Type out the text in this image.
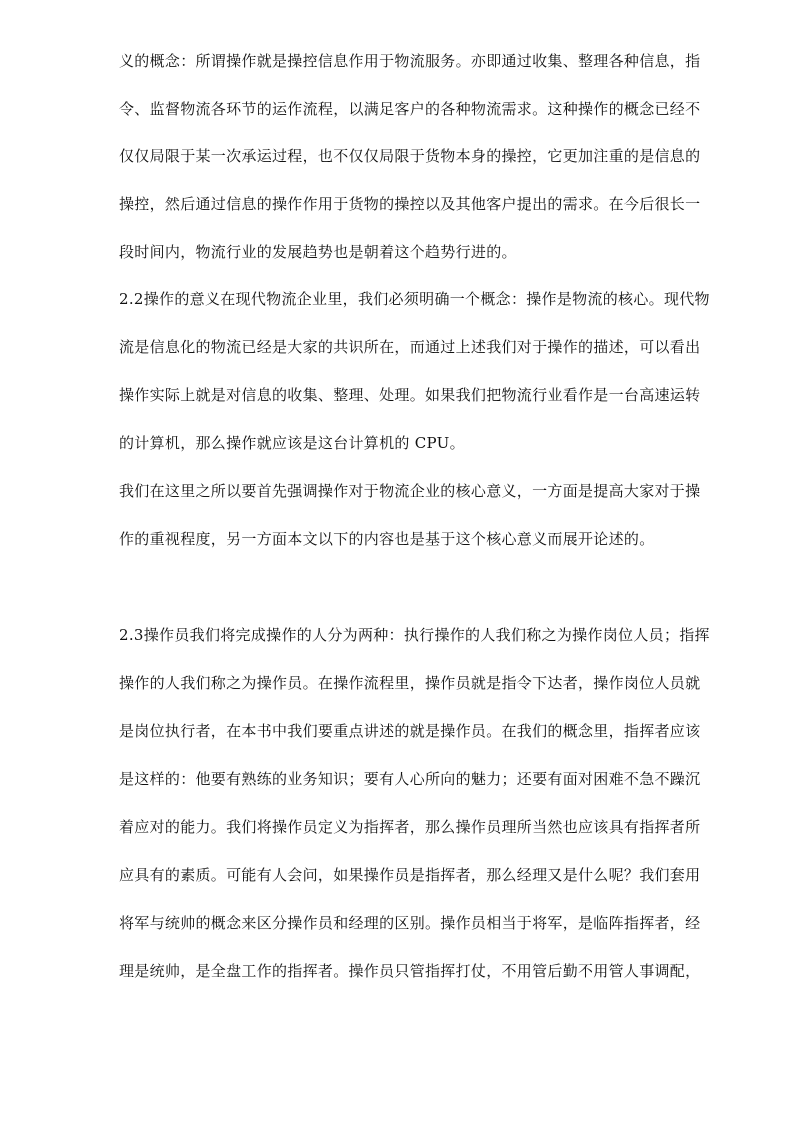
义的概念：所谓操作就是操控信息作用于物流服务。亦即通过收集、整理各种信息，指
令、监督物流各环节的运作流程，以满足客户的各种物流需求。这种操作的概念已经不
仅仅局限于某一次承运过程，也不仅仅局限于货物本身的操控，它更加注重的是信息的
操控，然后通过信息的操作作用于货物的操控以及其他客户提出的需求。在今后很长一
段时间内，物流行业的发展趋势也是朝着这个趋势行进的。
2.2操作的意义在现代物流企业里，我们必须明确一个概念：操作是物流的核心。现代物
流是信息化的物流已经是大家的共识所在，而通过上述我们对于操作的描述，可以看出
操作实际上就是对信息的收集、整理、处理。如果我们把物流行业看作是一台高速运转
的计算机，那么操作就应该是这台计算机的 CPU。
我们在这里之所以要首先强调操作对于物流企业的核心意义，一方面是提高大家对于操
作的重视程度，另一方面本文以下的内容也是基于这个核心意义而展开论述的。
2.3操作员我们将完成操作的人分为两种：执行操作的人我们称之为操作岗位人员；指挥
操作的人我们称之为操作员。在操作流程里，操作员就是指令下达者，操作岗位人员就
是岗位执行者，在本书中我们要重点讲述的就是操作员。在我们的概念里，指挥者应该
是这样的：他要有熟练的业务知识；要有人心所向的魅力；还要有面对困难不急不躁沉
着应对的能力。我们将操作员定义为指挥者，那么操作员理所当然也应该具有指挥者所
应具有的素质。可能有人会问，如果操作员是指挥者，那么经理又是什么呢？我们套用
将军与统帅的概念来区分操作员和经理的区别。操作员相当于将军，是临阵指挥者，经
理是统帅，是全盘工作的指挥者。操作员只管指挥打仗，不用管后勤不用管人事调配，
